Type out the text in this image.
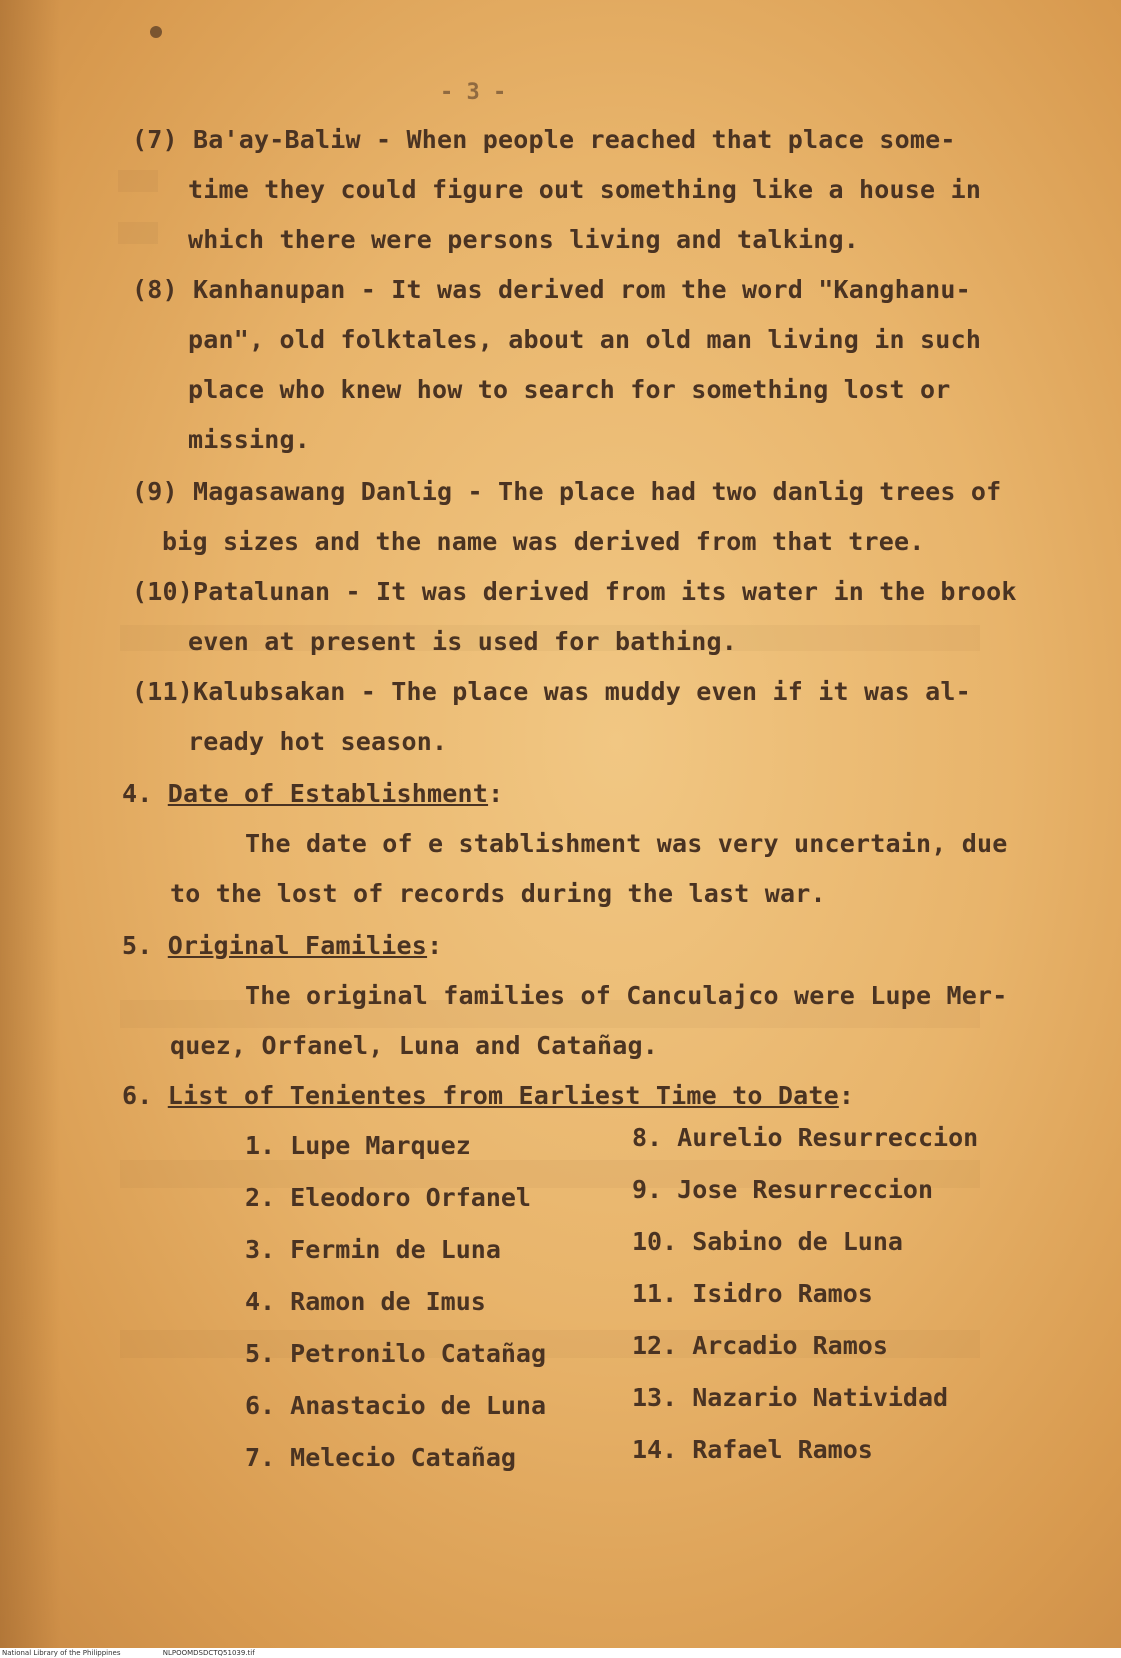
- 3 -
(7) Ba'ay-Baliw - When people reached that place some-
time they could figure out something like a house in
which there were persons living and talking.
(8) Kanhanupan - It was derived rom the word "Kanghanu-
pan", old folktales, about an old man living in such
place who knew how to search for something lost or
missing.
(9) Magasawang Danlig - The place had two danlig trees of
big sizes and the name was derived from that tree.
(10)Patalunan - It was derived from its water in the brook
even at present is used for bathing.
(11)Kalubsakan - The place was muddy even if it was al-
ready hot season.
4. Date of Establishment:
The date of e stablishment was very uncertain, due
to the lost of records during the last war.
5. Original Families:
The original families of Canculajco were Lupe Mer-
quez, Orfanel, Luna and Catañag.
6. List of Tenientes from Earliest Time to Date:
1. Lupe Marquez
2. Eleodoro Orfanel
3. Fermin de Luna
4. Ramon de Imus
5. Petronilo Catañag
6. Anastacio de Luna
7. Melecio Catañag
8. Aurelio Resurreccion
9. Jose Resurreccion
10. Sabino de Luna
11. Isidro Ramos
12. Arcadio Ramos
13. Nazario Natividad
14. Rafael Ramos
National Library of the Philippines	NLPOOMDSDCTQ51039.tif
